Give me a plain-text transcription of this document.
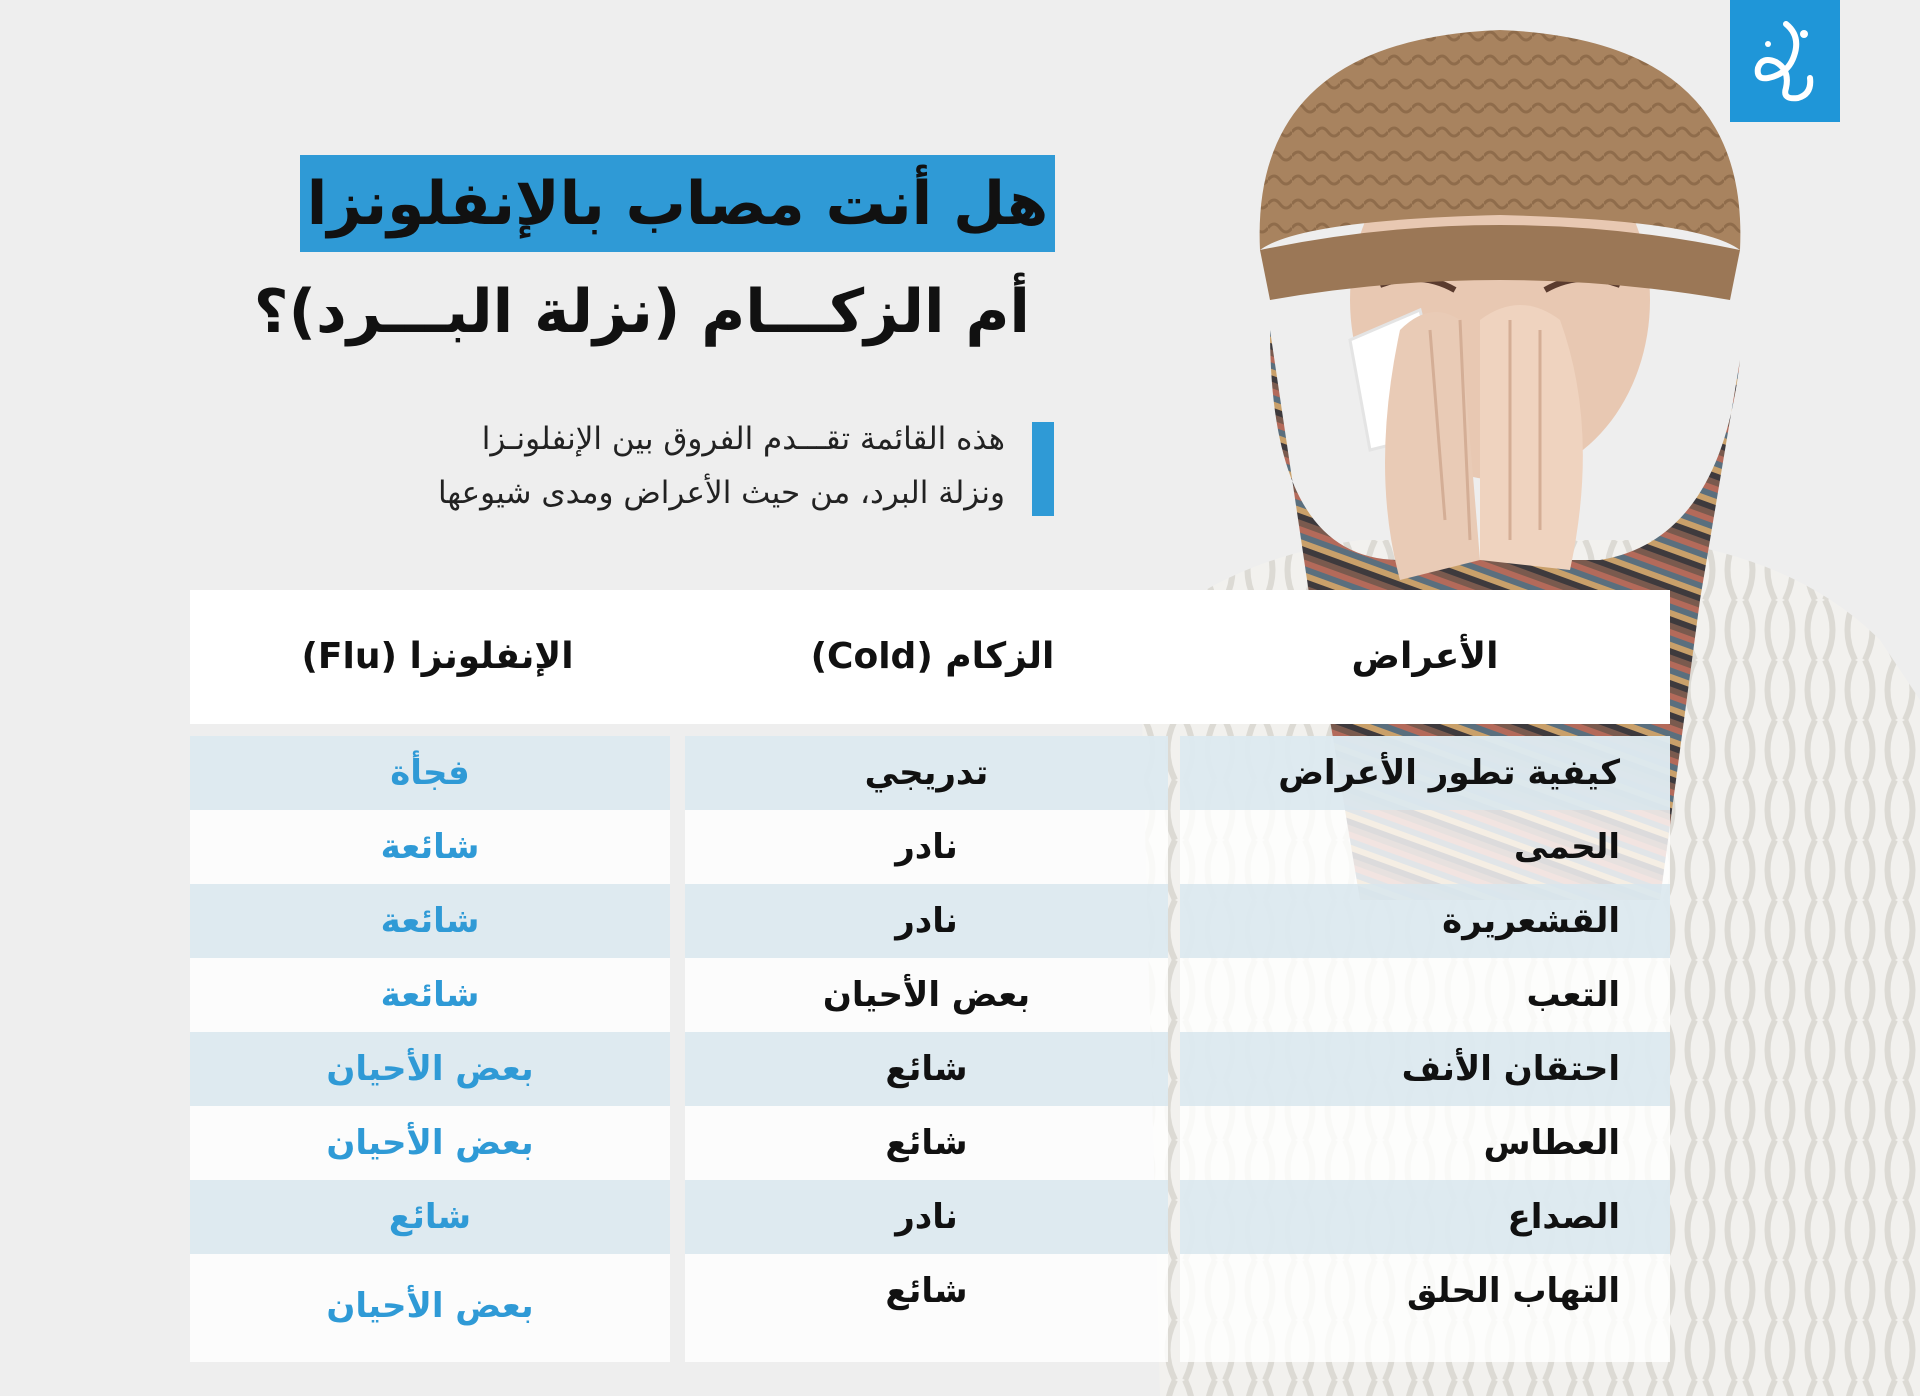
هل أنت مصاب بالإنفلونزا
أم الزكـــام (نزلة البـــرد)؟
هذه القائمة تقـــدم الفروق بين الإنفلونـزا
ونزلة البرد، من حيث الأعراض ومدى شيوعها
الأعراض
الزكام (Cold)
الإنفلونزا (Flu)
كيفية تطور الأعراض
الحمى
القشعريرة
التعب
احتقان الأنف
العطاس
الصداع
التهاب الحلق
تدريجي
نادر
نادر
بعض الأحيان
شائع
شائع
نادر
شائع
فجأة
شائعة
شائعة
شائعة
بعض الأحيان
بعض الأحيان
شائع
بعض الأحيان
